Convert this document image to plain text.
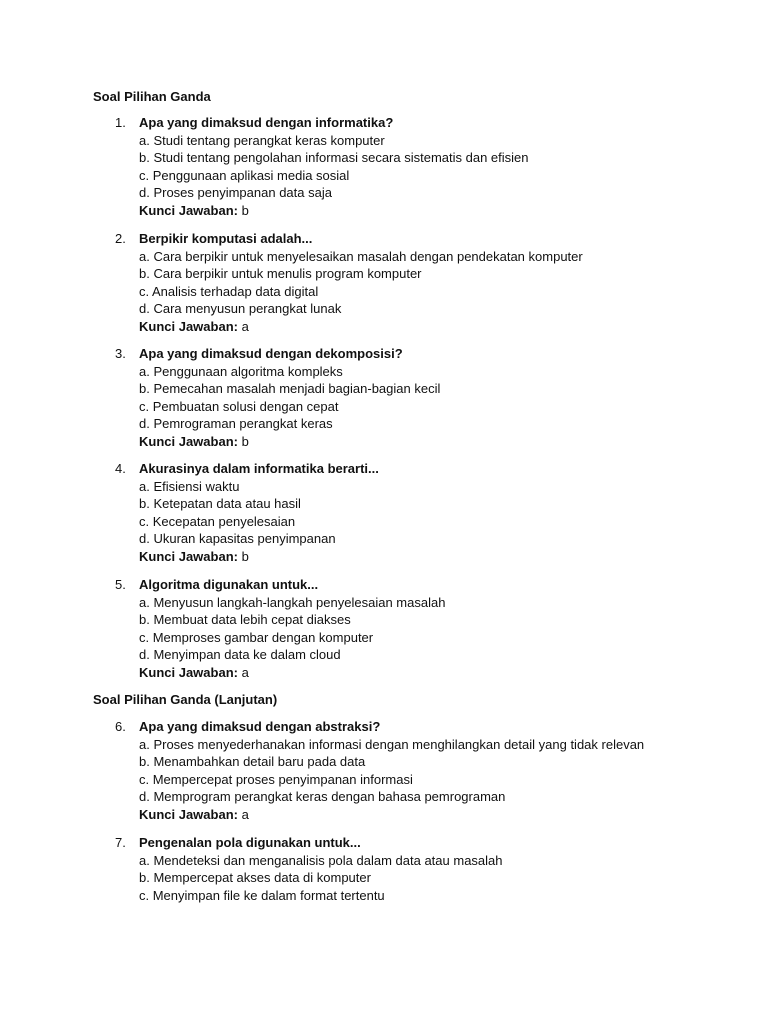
Soal Pilihan Ganda
1.	Apa yang dimaksud dengan informatika?
a. Studi tentang perangkat keras komputer
b. Studi tentang pengolahan informasi secara sistematis dan efisien
c. Penggunaan aplikasi media sosial
d. Proses penyimpanan data saja
Kunci Jawaban: b
2.	Berpikir komputasi adalah...
a. Cara berpikir untuk menyelesaikan masalah dengan pendekatan komputer
b. Cara berpikir untuk menulis program komputer
c. Analisis terhadap data digital
d. Cara menyusun perangkat lunak
Kunci Jawaban: a
3.	Apa yang dimaksud dengan dekomposisi?
a. Penggunaan algoritma kompleks
b. Pemecahan masalah menjadi bagian-bagian kecil
c. Pembuatan solusi dengan cepat
d. Pemrograman perangkat keras
Kunci Jawaban: b
4.	Akurasinya dalam informatika berarti...
a. Efisiensi waktu
b. Ketepatan data atau hasil
c. Kecepatan penyelesaian
d. Ukuran kapasitas penyimpanan
Kunci Jawaban: b
5.	Algoritma digunakan untuk...
a. Menyusun langkah-langkah penyelesaian masalah
b. Membuat data lebih cepat diakses
c. Memproses gambar dengan komputer
d. Menyimpan data ke dalam cloud
Kunci Jawaban: a
Soal Pilihan Ganda (Lanjutan)
6.	Apa yang dimaksud dengan abstraksi?
a. Proses menyederhanakan informasi dengan menghilangkan detail yang tidak relevan
b. Menambahkan detail baru pada data
c. Mempercepat proses penyimpanan informasi
d. Memprogram perangkat keras dengan bahasa pemrograman
Kunci Jawaban: a
7.	Pengenalan pola digunakan untuk...
a. Mendeteksi dan menganalisis pola dalam data atau masalah
b. Mempercepat akses data di komputer
c. Menyimpan file ke dalam format tertentu
